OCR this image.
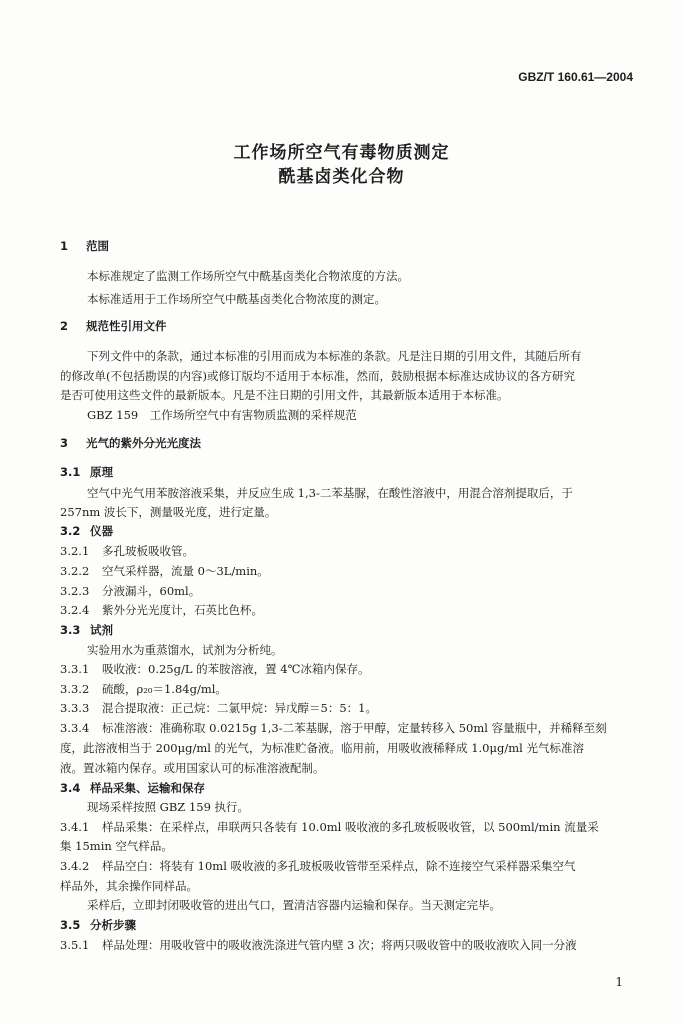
GBZ/T 160.61—2004
工作场所空气有毒物质测定
酰基卤类化合物
1 范围
本标准规定了监测工作场所空气中酰基卤类化合物浓度的方法。
本标准适用于工作场所空气中酰基卤类化合物浓度的测定。
2 规范性引用文件
下列文件中的条款，通过本标准的引用而成为本标准的条款。凡是注日期的引用文件，其随后所有
的修改单(不包括勘误的内容)或修订版均不适用于本标准，然而，鼓励根据本标准达成协议的各方研究
是否可使用这些文件的最新版本。凡是不注日期的引用文件，其最新版本适用于本标准。
GBZ 159　工作场所空气中有害物质监测的采样规范
3 光气的紫外分光光度法
3.1 原理
空气中光气用苯胺溶液采集，并反应生成 1,3-二苯基脲，在酸性溶液中，用混合溶剂提取后，于
257nm 波长下，测量吸光度，进行定量。
3.2 仪器
3.2.1 多孔玻板吸收管。
3.2.2 空气采样器，流量 0～3L/min。
3.2.3 分液漏斗，60ml。
3.2.4 紫外分光光度计，石英比色杯。
3.3 试剂
实验用水为重蒸馏水，试剂为分析纯。
3.3.1 吸收液：0.25g/L 的苯胺溶液，置 4℃冰箱内保存。
3.3.2 硫酸，ρ₂₀＝1.84g/ml。
3.3.3 混合提取液：正己烷：二氯甲烷：异戊醇＝5：5：1。
3.3.4 标准溶液：准确称取 0.0215g 1,3-二苯基脲，溶于甲醇，定量转移入 50ml 容量瓶中，并稀释至刻
度，此溶液相当于 200μg/ml 的光气，为标准贮备液。临用前，用吸收液稀释成 1.0μg/ml 光气标准溶
液。置冰箱内保存。或用国家认可的标准溶液配制。
3.4 样品采集、运输和保存
现场采样按照 GBZ 159 执行。
3.4.1 样品采集：在采样点，串联两只各装有 10.0ml 吸收液的多孔玻板吸收管，以 500ml/min 流量采
集 15min 空气样品。
3.4.2 样品空白：将装有 10ml 吸收液的多孔玻板吸收管带至采样点，除不连接空气采样器采集空气
样品外，其余操作同样品。
采样后，立即封闭吸收管的进出气口，置清洁容器内运输和保存。当天测定完毕。
3.5 分析步骤
3.5.1 样品处理：用吸收管中的吸收液洗涤进气管内壁 3 次；将两只吸收管中的吸收液吹入同一分液
1
